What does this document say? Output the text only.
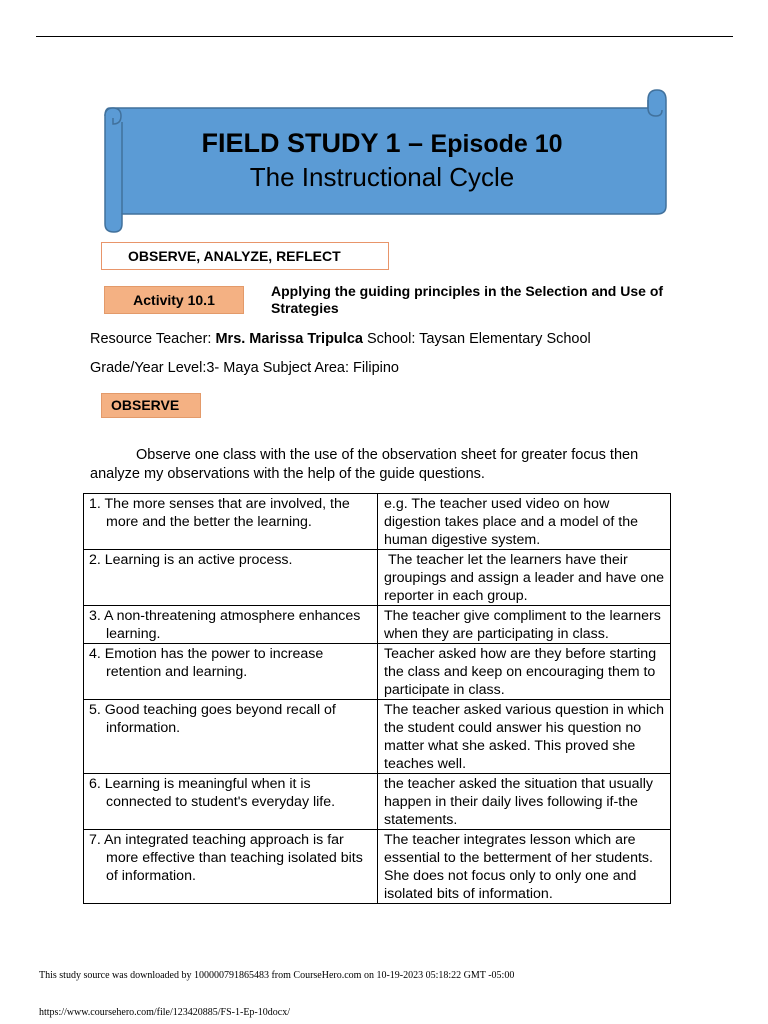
FIELD STUDY 1 – Episode 10
The Instructional Cycle
OBSERVE, ANALYZE, REFLECT
Activity 10.1
Applying the guiding principles in the Selection and Use of Strategies
Resource Teacher: Mrs. Marissa Tripulca School: Taysan Elementary School
Grade/Year Level:3- Maya Subject Area: Filipino
OBSERVE
Observe one class with the use of the observation sheet for greater focus then analyze my observations with the help of the guide questions.
1. The more senses that are involved, the more and the better the learning.	e.g. The teacher used video on how digestion takes place and a model of the human digestive system.

2. Learning is an active process.	The teacher let the learners have their groupings and assign a leader and have one reporter in each group.

3. A non-threatening atmosphere enhances learning.	The teacher give compliment to the learners when they are participating in class.

4. Emotion has the power to increase retention and learning.	Teacher asked how are they before starting the class and keep on encouraging them to participate in class.

5. Good teaching goes beyond recall of information.	The teacher asked various question in which the student could answer his question no matter what she asked. This proved she teaches well.

6. Learning is meaningful when it is connected to student's everyday life.	the teacher asked the situation that usually happen in their daily lives following if-the statements.

7. An integrated teaching approach is far more effective than teaching isolated bits of information.	The teacher integrates lesson which are essential to the betterment of her students. She does not focus only to only one and isolated bits of information.
This study source was downloaded by 100000791865483 from CourseHero.com on 10-19-2023 05:18:22 GMT -05:00
https://www.coursehero.com/file/123420885/FS-1-Ep-10docx/
